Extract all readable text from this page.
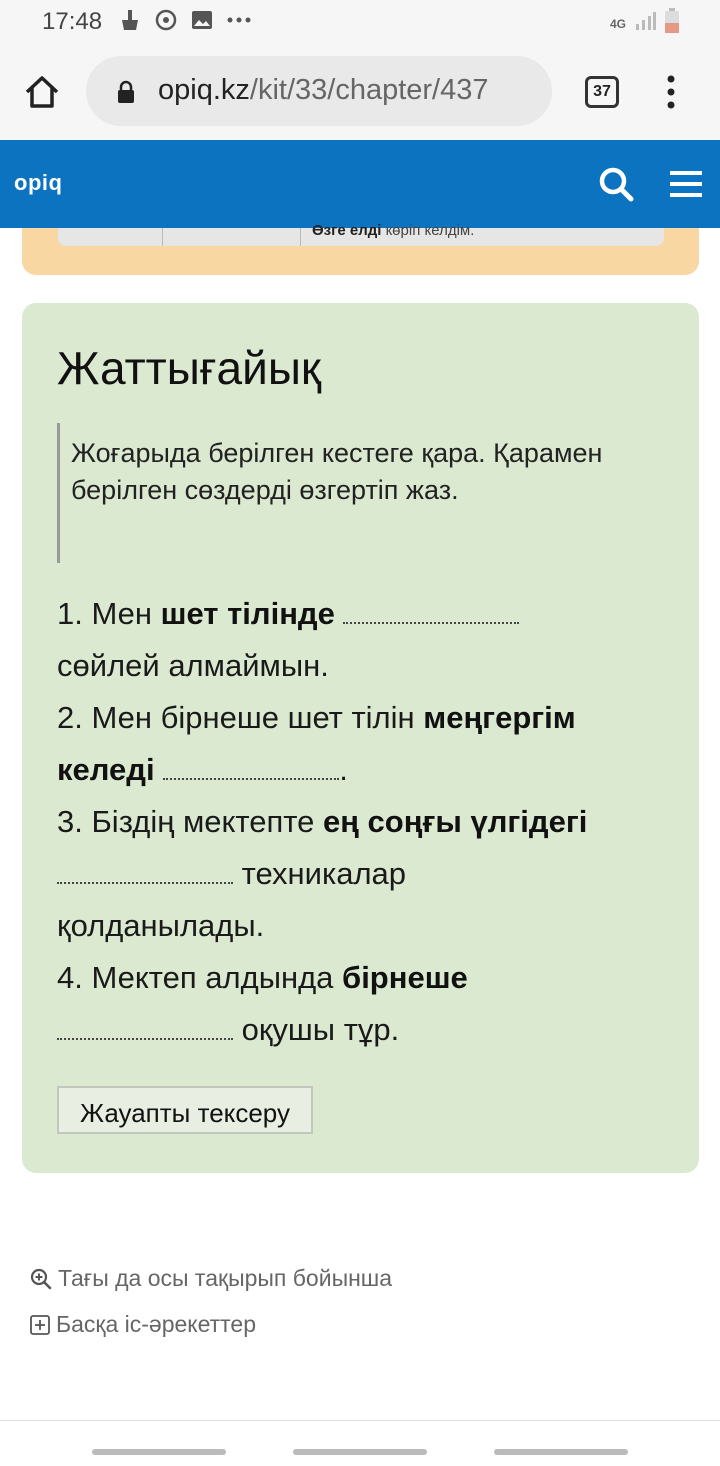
17:48	4G
opiq.kz/kit/33/chapter/437	37
opiq
Өзге елді көріп келдім.
Жаттығайық

Жоғарыда берілген кестеге қара. Қарамен берілген сөздерді өзгертіп жаз.

1. Мен шет тілінде
сөйлей алмаймын.
2. Мен бірнеше шет тілін меңгергім
келеді	.
3. Біздің мектепте ең соңғы үлгідегі
техникалар
қолданылады.
4. Мектеп алдында бірнеше
оқушы тұр.
Жауапты тексеру
Тағы да осы тақырып бойынша
Басқа іс-әрекеттер
